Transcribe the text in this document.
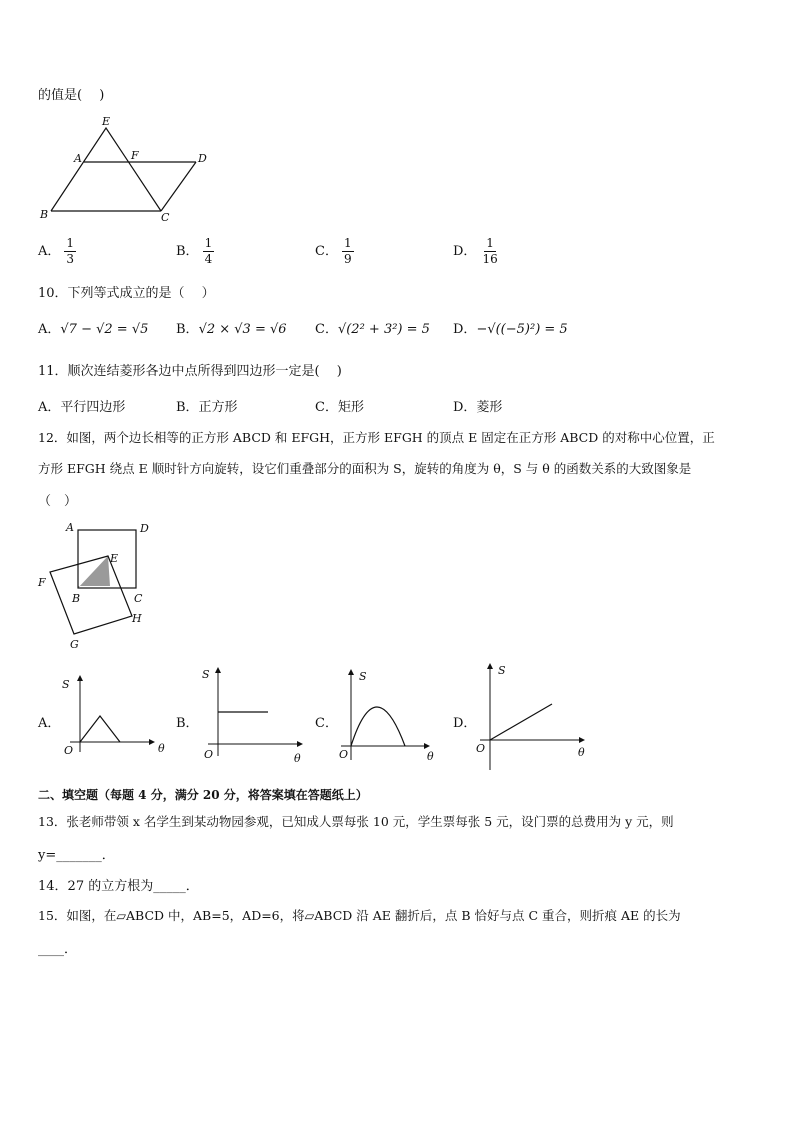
的值是(　 )
E
A	F	D
B	C
A． $\frac{1}{3}$	B． $\frac{1}{4}$	C． $\frac{1}{9}$	D． $\frac{1}{16}$
10．下列等式成立的是（　 ）
A．√7 − √2 = √5 B．√2 × √3 = √6 C．√(2² + 3²) = 5 D．−√((−5)²) = 5
11．顺次连结菱形各边中点所得到四边形一定是(　 )
A．平行四边形	B．正方形	C．矩形	D．菱形
12．如图，两个边长相等的正方形 ABCD 和 EFGH，正方形 EFGH 的顶点 E 固定在正方形 ABCD 的对称中心位置，正
方形 EFGH 绕点 E 顺时针方向旋转，设它们重叠部分的面积为 S，旋转的角度为 θ，S 与 θ 的函数关系的大致图象是
（　）
A	D
E
F
B	C
H
G
A．
S
O	θ
B．
S
O	θ
C．
S
O	θ
D．
S
O	θ
二、填空题（每题 4 分，满分 20 分，将答案填在答题纸上）
13．张老师带领 x 名学生到某动物园参观，已知成人票每张 10 元，学生票每张 5 元，设门票的总费用为 y 元，则
y=_______．
14．27 的立方根为_____．
15．如图，在▱ABCD 中，AB=5，AD=6，将▱ABCD 沿 AE 翻折后，点 B 恰好与点 C 重合，则折痕 AE 的长为
____．
